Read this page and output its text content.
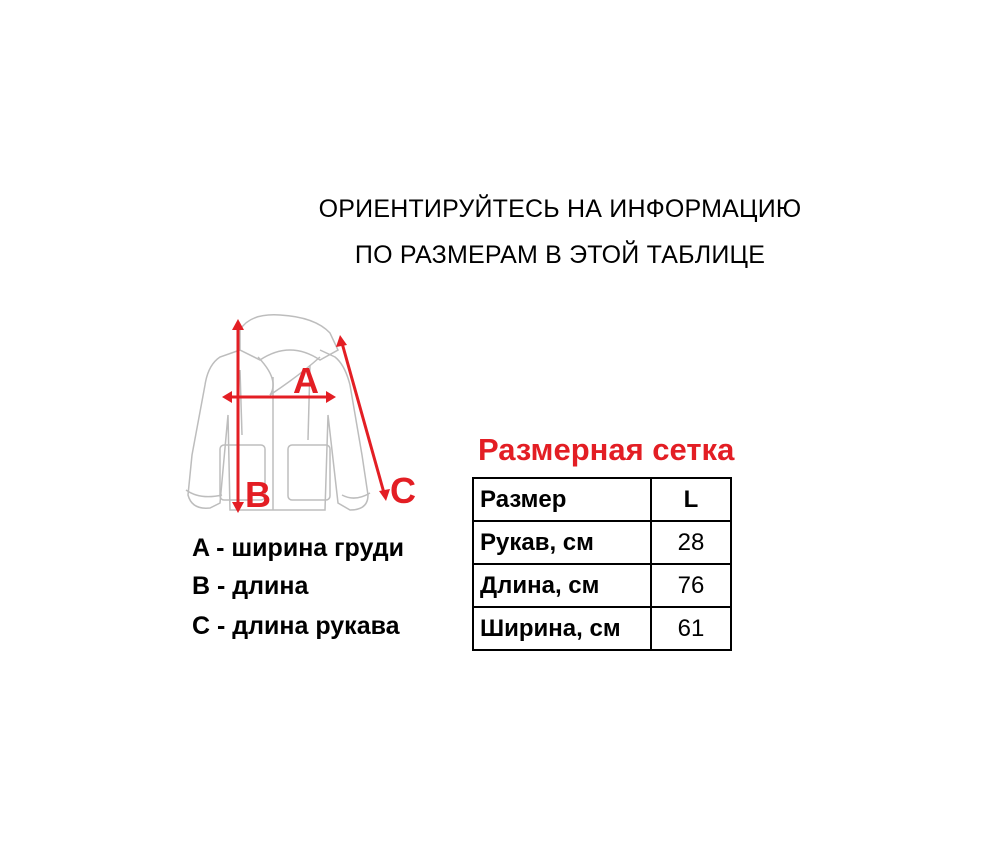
ОРИЕНТИРУЙТЕСЬ НА ИНФОРМАЦИЮ
ПО РАЗМЕРАМ В ЭТОЙ ТАБЛИЦЕ
A
B	C
A - ширина груди
B - длина
C - длина рукава
Размерная сетка
Размер	L
Рукав, см	28
Длина, см	76
Ширина, см	61
